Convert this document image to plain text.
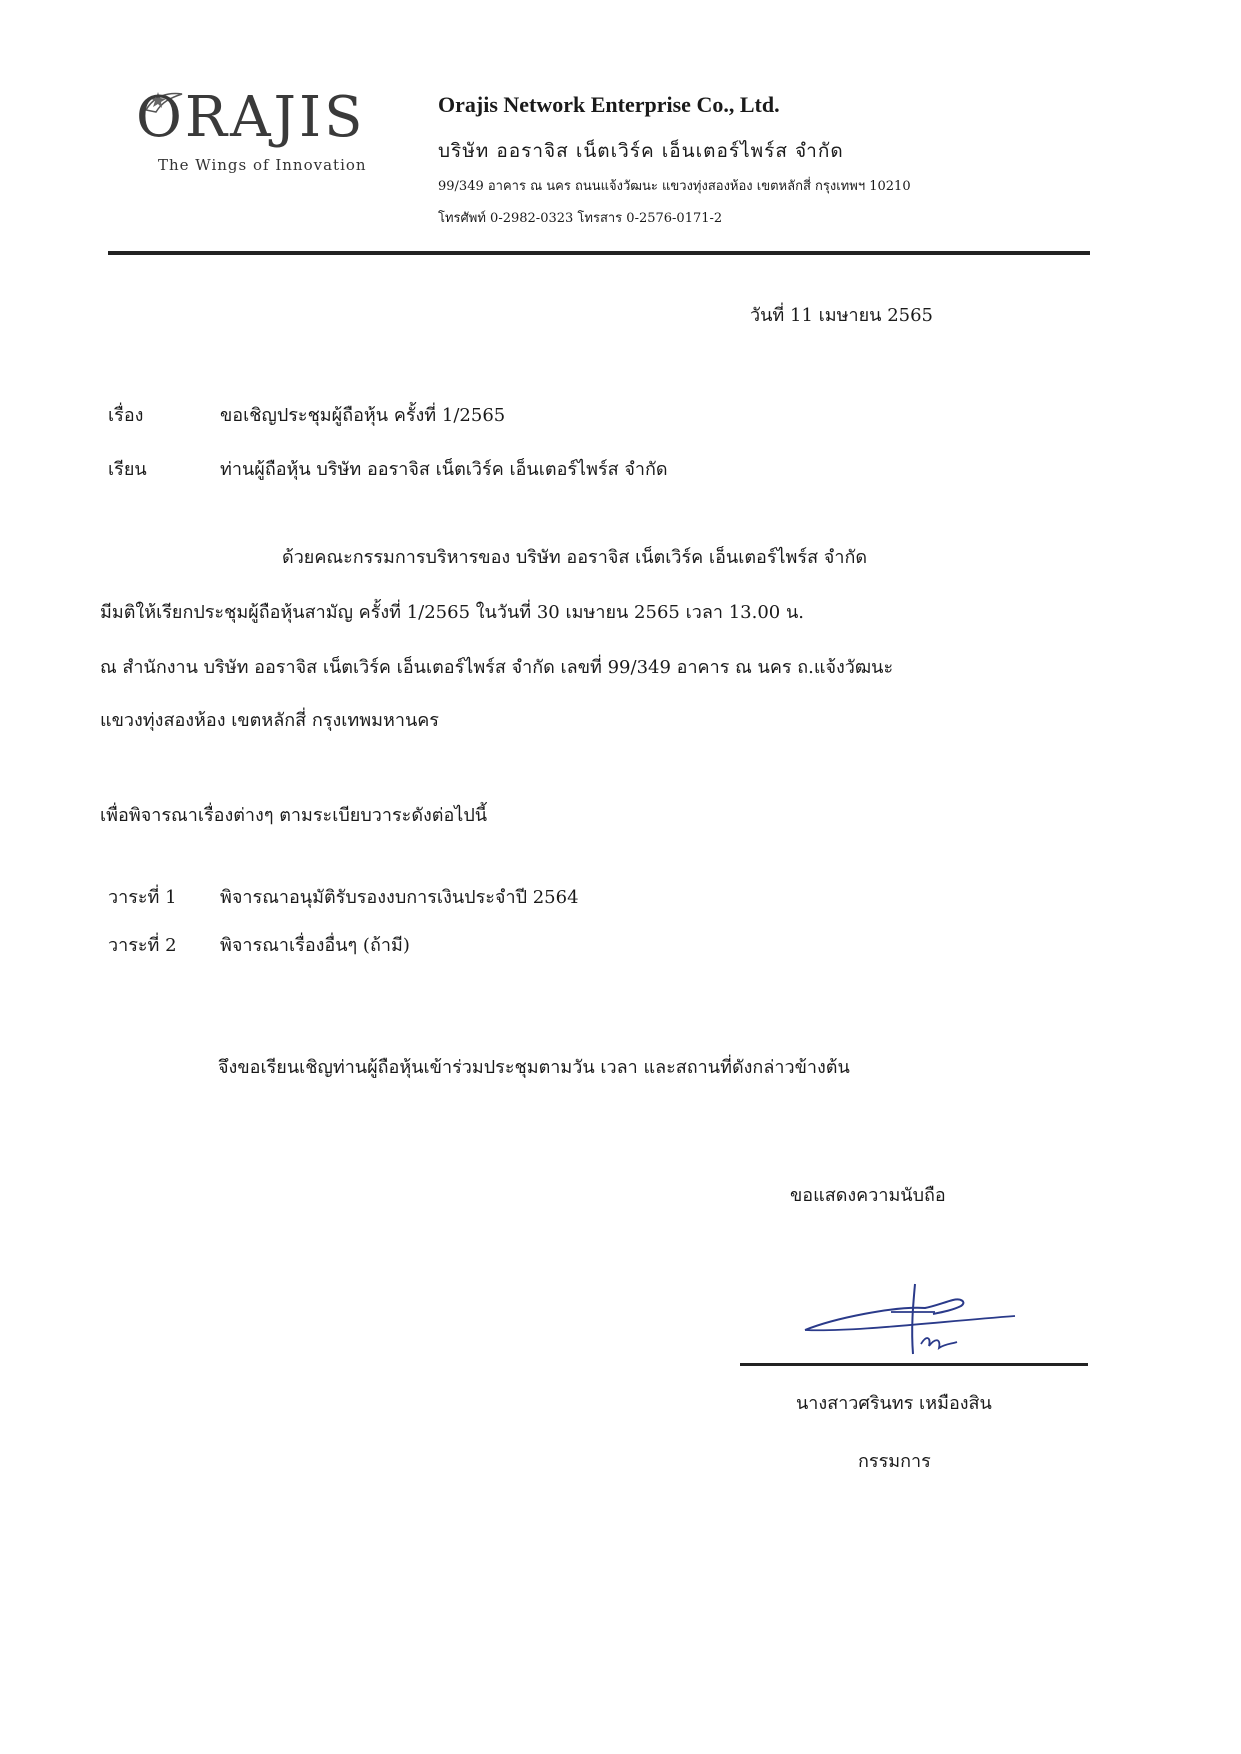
ORAJIS
The Wings of Innovation
Orajis Network Enterprise Co., Ltd.
บริษัท ออราจิส เน็ตเวิร์ค เอ็นเตอร์ไพร์ส จำกัด
99/349 อาคาร ณ นคร ถนนแจ้งวัฒนะ แขวงทุ่งสองห้อง เขตหลักสี่ กรุงเทพฯ 10210
โทรศัพท์ 0-2982-0323 โทรสาร 0-2576-0171-2
วันที่ 11 เมษายน 2565
เรื่อง	ขอเชิญประชุมผู้ถือหุ้น ครั้งที่ 1/2565
เรียน	ท่านผู้ถือหุ้น บริษัท ออราจิส เน็ตเวิร์ค เอ็นเตอร์ไพร์ส จำกัด
ด้วยคณะกรรมการบริหารของ บริษัท ออราจิส เน็ตเวิร์ค เอ็นเตอร์ไพร์ส จำกัด
มีมติให้เรียกประชุมผู้ถือหุ้นสามัญ ครั้งที่ 1/2565 ในวันที่ 30 เมษายน 2565 เวลา 13.00 น.
ณ สำนักงาน บริษัท ออราจิส เน็ตเวิร์ค เอ็นเตอร์ไพร์ส จำกัด เลขที่ 99/349 อาคาร ณ นคร ถ.แจ้งวัฒนะ
แขวงทุ่งสองห้อง เขตหลักสี่ กรุงเทพมหานคร
เพื่อพิจารณาเรื่องต่างๆ ตามระเบียบวาระดังต่อไปนี้
วาระที่ 1 พิจารณาอนุมัติรับรองงบการเงินประจำปี 2564
วาระที่ 2 พิจารณาเรื่องอื่นๆ (ถ้ามี)
จึงขอเรียนเชิญท่านผู้ถือหุ้นเข้าร่วมประชุมตามวัน เวลา และสถานที่ดังกล่าวข้างต้น
ขอแสดงความนับถือ
นางสาวศรินทร เหมืองสิน
กรรมการ
